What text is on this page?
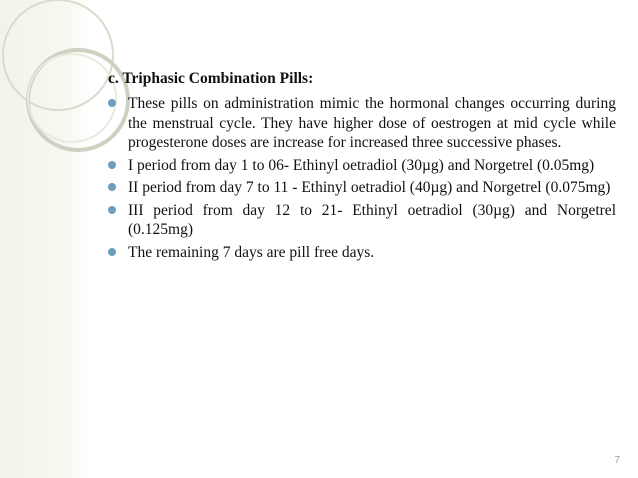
c. Triphasic Combination Pills:

These pills on administration mimic the hormonal changes occurring during the menstrual cycle. They have higher dose of oestrogen at mid cycle while progesterone doses are increase for increased three successive phases.
I period from day 1 to 06- Ethinyl oetradiol (30µg) and Norgetrel (0.05mg)
II period from day 7 to 11 - Ethinyl oetradiol (40µg) and Norgetrel (0.075mg)
III period from day 12 to 21- Ethinyl oetradiol (30µg) and Norgetrel (0.125mg)
The remaining 7 days are pill free days.
7
